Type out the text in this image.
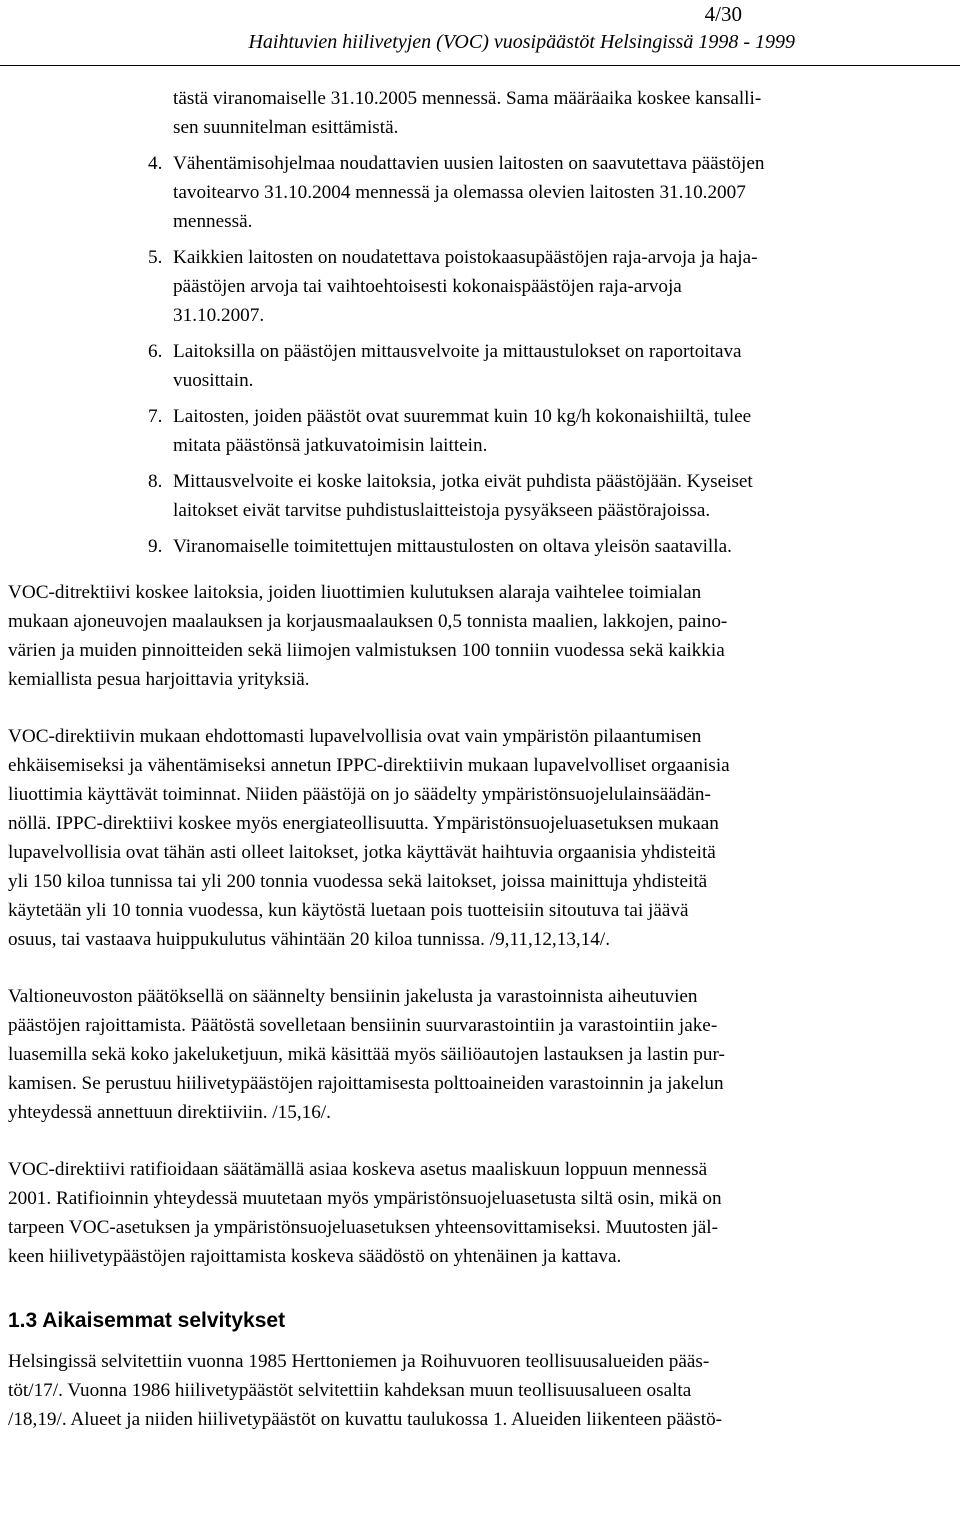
4/30
Haihtuvien hiilivetyjen (VOC) vuosipäästöt Helsingissä 1998 - 1999
tästä viranomaiselle 31.10.2005 mennessä. Sama määräaika koskee kansalli-
sen suunnitelman esittämistä.
4. Vähentämisohjelmaa noudattavien uusien laitosten on saavutettava päästöjen
tavoitearvo 31.10.2004 mennessä ja olemassa olevien laitosten 31.10.2007
mennessä.
5. Kaikkien laitosten on noudatettava poistokaasupäästöjen raja-arvoja ja haja-
päästöjen arvoja tai vaihtoehtoisesti kokonaispäästöjen raja-arvoja
31.10.2007.
6. Laitoksilla on päästöjen mittausvelvoite ja mittaustulokset on raportoitava
vuosittain.
7. Laitosten, joiden päästöt ovat suuremmat kuin 10 kg/h kokonaishiiltä, tulee
mitata päästönsä jatkuvatoimisin laittein.
8. Mittausvelvoite ei koske laitoksia, jotka eivät puhdista päästöjään. Kyseiset
laitokset eivät tarvitse puhdistuslaitteistoja pysyäkseen päästörajoissa.
9. Viranomaiselle toimitettujen mittaustulosten on oltava yleisön saatavilla.
VOC-ditrektiivi koskee laitoksia, joiden liuottimien kulutuksen alaraja vaihtelee toimialan
mukaan ajoneuvojen maalauksen ja korjausmaalauksen 0,5 tonnista maalien, lakkojen, paino-
värien ja muiden pinnoitteiden sekä liimojen valmistuksen 100 tonniin vuodessa sekä kaikkia
kemiallista pesua harjoittavia yrityksiä.
VOC-direktiivin mukaan ehdottomasti lupavelvollisia ovat vain ympäristön pilaantumisen
ehkäisemiseksi ja vähentämiseksi annetun IPPC-direktiivin mukaan lupavelvolliset orgaanisia
liuottimia käyttävät toiminnat. Niiden päästöjä on jo säädelty ympäristönsuojelulainsäädän-
nöllä. IPPC-direktiivi koskee myös energiateollisuutta. Ympäristönsuojeluasetuksen mukaan
lupavelvollisia ovat tähän asti olleet laitokset, jotka käyttävät haihtuvia orgaanisia yhdisteitä
yli 150 kiloa tunnissa tai yli 200 tonnia vuodessa sekä laitokset, joissa mainittuja yhdisteitä
käytetään yli 10 tonnia vuodessa, kun käytöstä luetaan pois tuotteisiin sitoutuva tai jäävä
osuus, tai vastaava huippukulutus vähintään 20 kiloa tunnissa. /9,11,12,13,14/.
Valtioneuvoston päätöksellä on säännelty bensiinin jakelusta ja varastoinnista aiheutuvien
päästöjen rajoittamista. Päätöstä sovelletaan bensiinin suurvarastointiin ja varastointiin jake-
luasemilla sekä koko jakeluketjuun, mikä käsittää myös säiliöautojen lastauksen ja lastin pur-
kamisen. Se perustuu hiilivetypäästöjen rajoittamisesta polttoaineiden varastoinnin ja jakelun
yhteydessä annettuun direktiiviin. /15,16/.
VOC-direktiivi ratifioidaan säätämällä asiaa koskeva asetus maaliskuun loppuun mennessä
2001. Ratifioinnin yhteydessä muutetaan myös ympäristönsuojeluasetusta siltä osin, mikä on
tarpeen VOC-asetuksen ja ympäristönsuojeluasetuksen yhteensovittamiseksi. Muutosten jäl-
keen hiilivetypäästöjen rajoittamista koskeva säädöstö on yhtenäinen ja kattava.
1.3 Aikaisemmat selvitykset
Helsingissä selvitettiin vuonna 1985 Herttoniemen ja Roihuvuoren teollisuusalueiden pääs-
töt/17/. Vuonna 1986 hiilivetypäästöt selvitettiin kahdeksan muun teollisuusalueen osalta
/18,19/. Alueet ja niiden hiilivetypäästöt on kuvattu taulukossa 1. Alueiden liikenteen päästö-
